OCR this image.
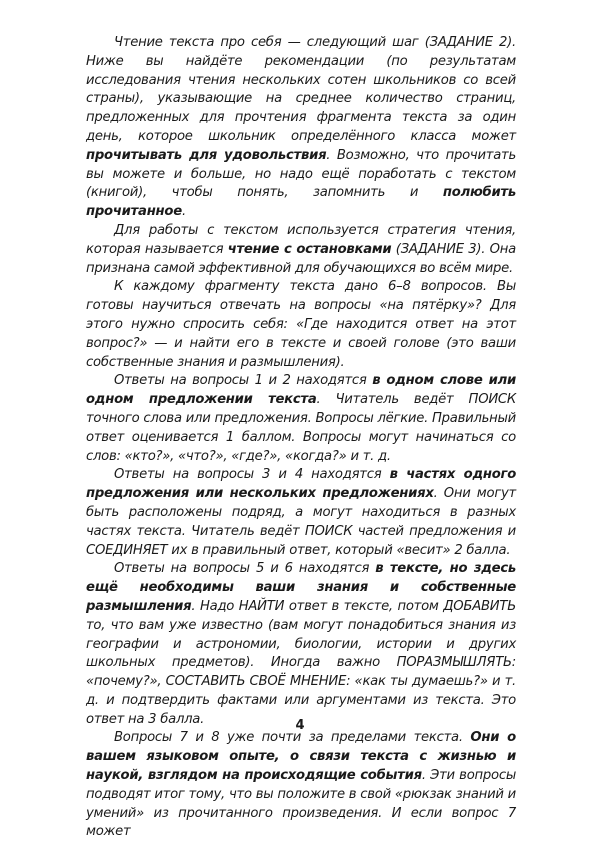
Чтение текста про себя — следующий шаг (ЗАДАНИЕ 2). Ниже вы найдёте рекомендации (по результатам исследования чтения нескольких сотен школьников со всей страны), указывающие на среднее количество страниц, предложенных для прочтения фрагмента текста за один день, которое школьник определённого класса может прочитывать для удовольствия. Возможно, что прочитать вы можете и больше, но надо ещё поработать с текстом (книгой), чтобы понять, запомнить и полюбить прочитанное.

Для работы с текстом используется стратегия чтения, которая называется чтение с остановками (ЗАДАНИЕ 3). Она признана самой эффективной для обучающихся во всём мире.

К каждому фрагменту текста дано 6–8 вопросов. Вы готовы научиться отвечать на вопросы «на пятёрку»? Для этого нужно спросить себя: «Где находится ответ на этот вопрос?» — и найти его в тексте и своей голове (это ваши собственные знания и размышления).

Ответы на вопросы 1 и 2 находятся в одном слове или одном предложении текста. Читатель ведёт ПОИСК точного слова или предложения. Вопросы лёгкие. Правильный ответ оценивается 1 баллом. Вопросы могут начинаться со слов: «кто?», «что?», «где?», «когда?» и т. д.

Ответы на вопросы 3 и 4 находятся в частях одного предложения или нескольких предложениях. Они могут быть расположены подряд, а могут находиться в разных частях текста. Читатель ведёт ПОИСК частей предложения и СОЕДИНЯЕТ их в правильный ответ, который «весит» 2 балла.

Ответы на вопросы 5 и 6 находятся в тексте, но здесь ещё необходимы ваши знания и собственные размышления. Надо НАЙТИ ответ в тексте, потом ДОБАВИТЬ то, что вам уже известно (вам могут понадобиться знания из географии и астрономии, биологии, истории и других школьных предметов). Иногда важно ПОРАЗМЫШЛЯТЬ: «почему?», СОСТАВИТЬ СВОЁ МНЕНИЕ: «как ты думаешь?» и т. д. и подтвердить фактами или аргументами из текста. Это ответ на 3 балла.

Вопросы 7 и 8 уже почти за пределами текста. Они о вашем языковом опыте, о связи текста с жизнью и наукой, взглядом на происходящие события. Эти вопросы подводят итог тому, что вы положите в свой «рюкзак знаний и умений» из прочитанного произведения. И если вопрос 7 может

4
